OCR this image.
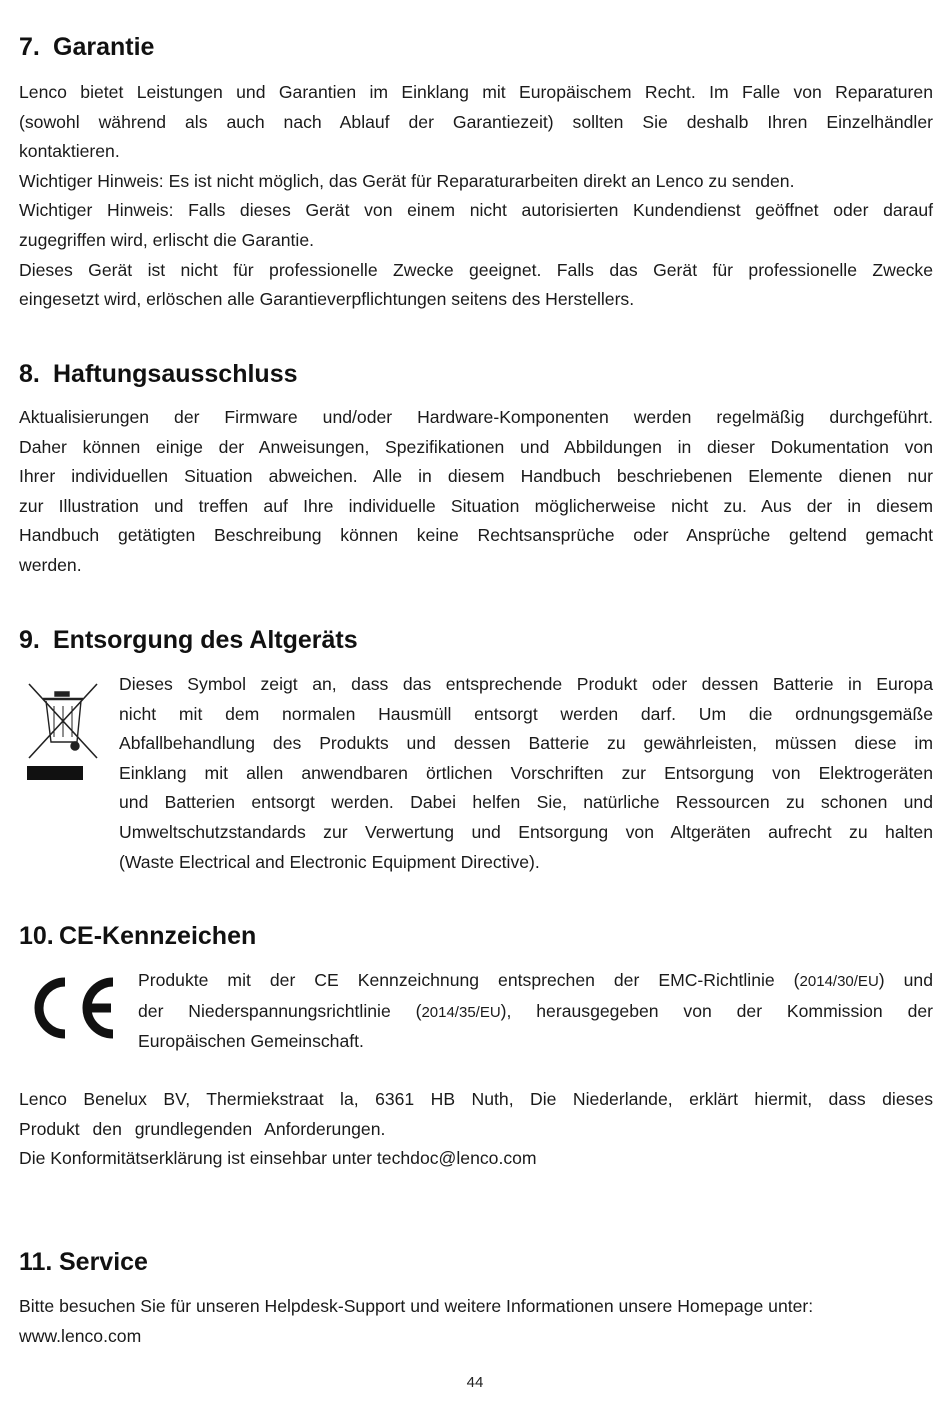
7. Garantie

Lenco bietet Leistungen und Garantien im Einklang mit Europäischem Recht. Im Falle von Reparaturen
(sowohl während als auch nach Ablauf der Garantiezeit) sollten Sie deshalb Ihren Einzelhändler
kontaktieren.
Wichtiger Hinweis: Es ist nicht möglich, das Gerät für Reparaturarbeiten direkt an Lenco zu senden.
Wichtiger Hinweis: Falls dieses Gerät von einem nicht autorisierten Kundendienst geöffnet oder darauf
zugegriffen wird, erlischt die Garantie.
Dieses Gerät ist nicht für professionelle Zwecke geeignet. Falls das Gerät für professionelle Zwecke
eingesetzt wird, erlöschen alle Garantieverpflichtungen seitens des Herstellers.

8. Haftungsausschluss

Aktualisierungen der Firmware und/oder Hardware-Komponenten werden regelmäßig durchgeführt.
Daher können einige der Anweisungen, Spezifikationen und Abbildungen in dieser Dokumentation von
Ihrer individuellen Situation abweichen. Alle in diesem Handbuch beschriebenen Elemente dienen nur
zur Illustration und treffen auf Ihre individuelle Situation möglicherweise nicht zu. Aus der in diesem
Handbuch getätigten Beschreibung können keine Rechtsansprüche oder Ansprüche geltend gemacht
werden.

9. Entsorgung des Altgeräts

Dieses Symbol zeigt an, dass das entsprechende Produkt oder dessen Batterie in Europa
nicht mit dem normalen Hausmüll entsorgt werden darf. Um die ordnungsgemäße
Abfallbehandlung des Produkts und dessen Batterie zu gewährleisten, müssen diese im
Einklang mit allen anwendbaren örtlichen Vorschriften zur Entsorgung von Elektrogeräten
und Batterien entsorgt werden. Dabei helfen Sie, natürliche Ressourcen zu schonen und
Umweltschutzstandards zur Verwertung und Entsorgung von Altgeräten aufrecht zu halten
(Waste Electrical and Electronic Equipment Directive).

10. CE-Kennzeichen

Produkte mit der CE Kennzeichnung entsprechen der EMC-Richtlinie (2014/30/EU) und
der Niederspannungsrichtlinie (2014/35/EU), herausgegeben von der Kommission der
Europäischen Gemeinschaft.

Lenco Benelux BV, Thermiekstraat la, 6361 HB Nuth, Die Niederlande, erklärt hiermit, dass dieses
Produkt den grundlegenden Anforderungen.
Die Konformitätserklärung ist einsehbar unter techdoc@lenco.com

11. Service

Bitte besuchen Sie für unseren Helpdesk-Support und weitere Informationen unsere Homepage unter:
www.lenco.com

44
